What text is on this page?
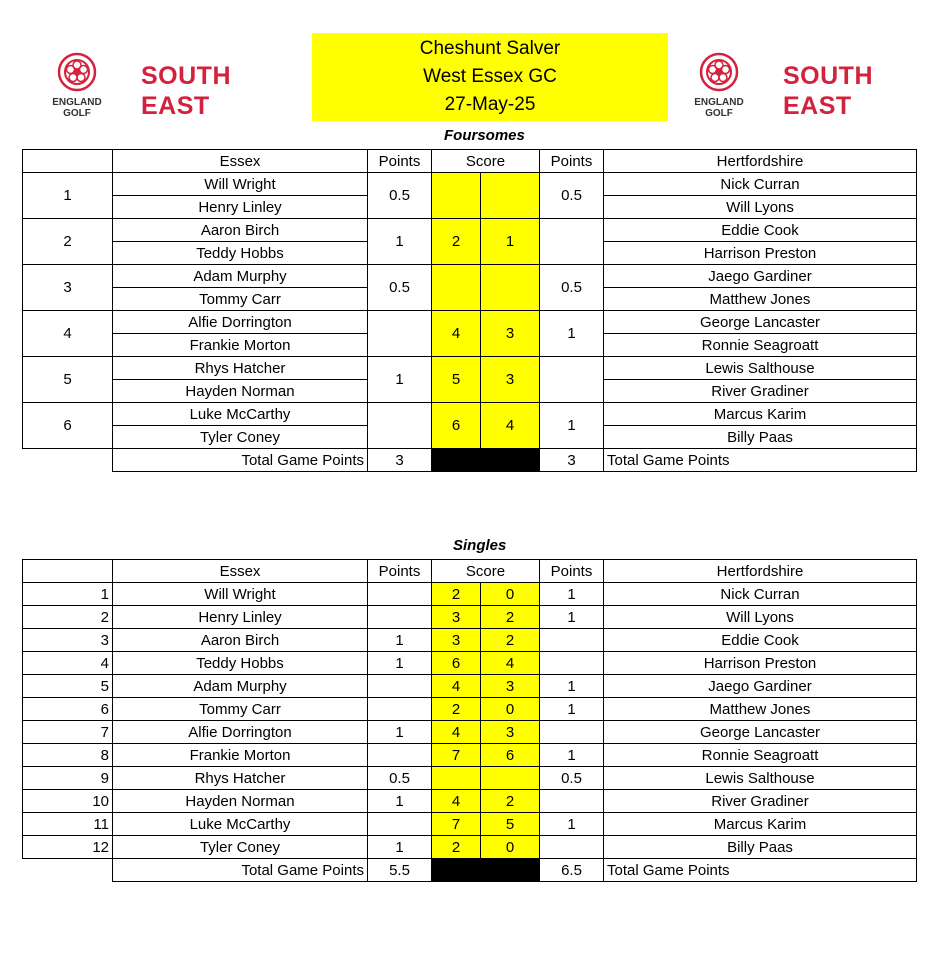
ENGLAND
GOLF
SOUTH
EAST
Cheshunt Salver
West Essex GC
27-May-25	ENGLAND
GOLF
SOUTH
EAST
Foursomes
	Essex	Points	Score		Points	Hertfordshire
1	Will Wright	0.5			0.5	Nick Curran
	Henry Linley					Will Lyons
2	Aaron Birch	1	2	1		Eddie Cook
	Teddy Hobbs					Harrison Preston
3	Adam Murphy	0.5			0.5	Jaego Gardiner
	Tommy Carr					Matthew Jones
4	Alfie Dorrington		4	3	1	George Lancaster
	Frankie Morton					Ronnie Seagroatt
5	Rhys Hatcher	1	5	3		Lewis Salthouse
	Hayden Norman					River Gradiner
6	Luke McCarthy		6	4	1	Marcus Karim
	Tyler Coney					Billy Paas
	Total Game Points	3			3	Total Game Points
Singles
	Essex	Points	Score		Points	Hertfordshire
1	Will Wright		2	0	1	Nick Curran
2	Henry Linley		3	2	1	Will Lyons
3	Aaron Birch	1	3	2		Eddie Cook
4	Teddy Hobbs	1	6	4		Harrison Preston
5	Adam Murphy		4	3	1	Jaego Gardiner
6	Tommy Carr		2	0	1	Matthew Jones
7	Alfie Dorrington	1	4	3		George Lancaster
8	Frankie Morton		7	6	1	Ronnie Seagroatt
9	Rhys Hatcher	0.5			0.5	Lewis Salthouse
10	Hayden Norman	1	4	2		River Gradiner
11	Luke McCarthy		7	5	1	Marcus Karim
12	Tyler Coney	1	2	0		Billy Paas
	Total Game Points	5.5			6.5	Total Game Points
